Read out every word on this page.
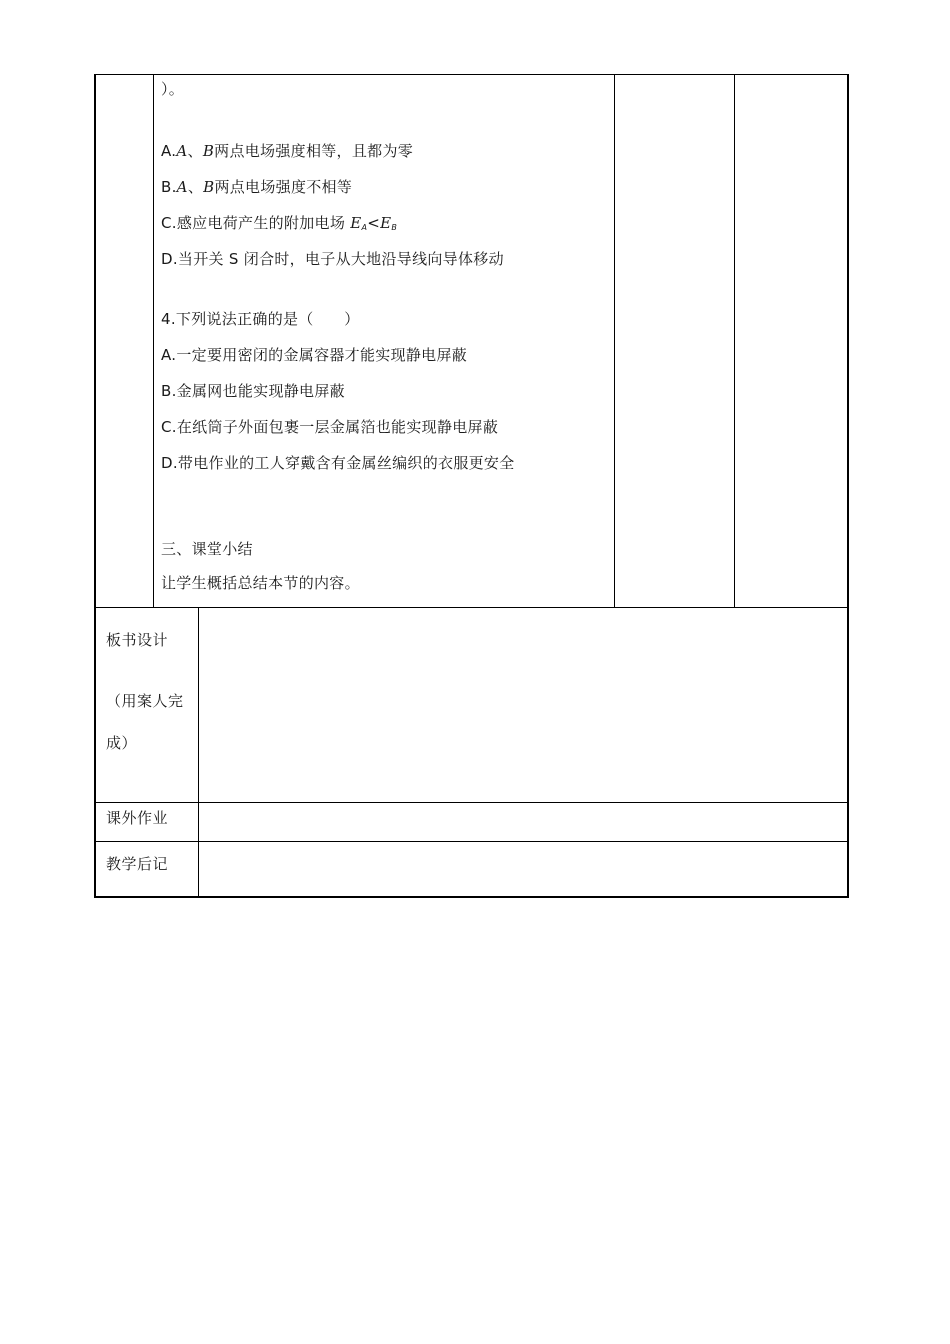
）。
A.A、B两点电场强度相等，且都为零
B.A、B两点电场强度不相等
C.感应电荷产生的附加电场 $E_A<E_B$
D.当开关 S 闭合时，电子从大地沿导线向导体移动
4.下列说法正确的是（　　）
A.一定要用密闭的金属容器才能实现静电屏蔽
B.金属网也能实现静电屏蔽
C.在纸筒子外面包裹一层金属箔也能实现静电屏蔽
D.带电作业的工人穿戴含有金属丝编织的衣服更安全
三、课堂小结
让学生概括总结本节的内容。
板书设计
（用案人完
成）
课外作业
教学后记
